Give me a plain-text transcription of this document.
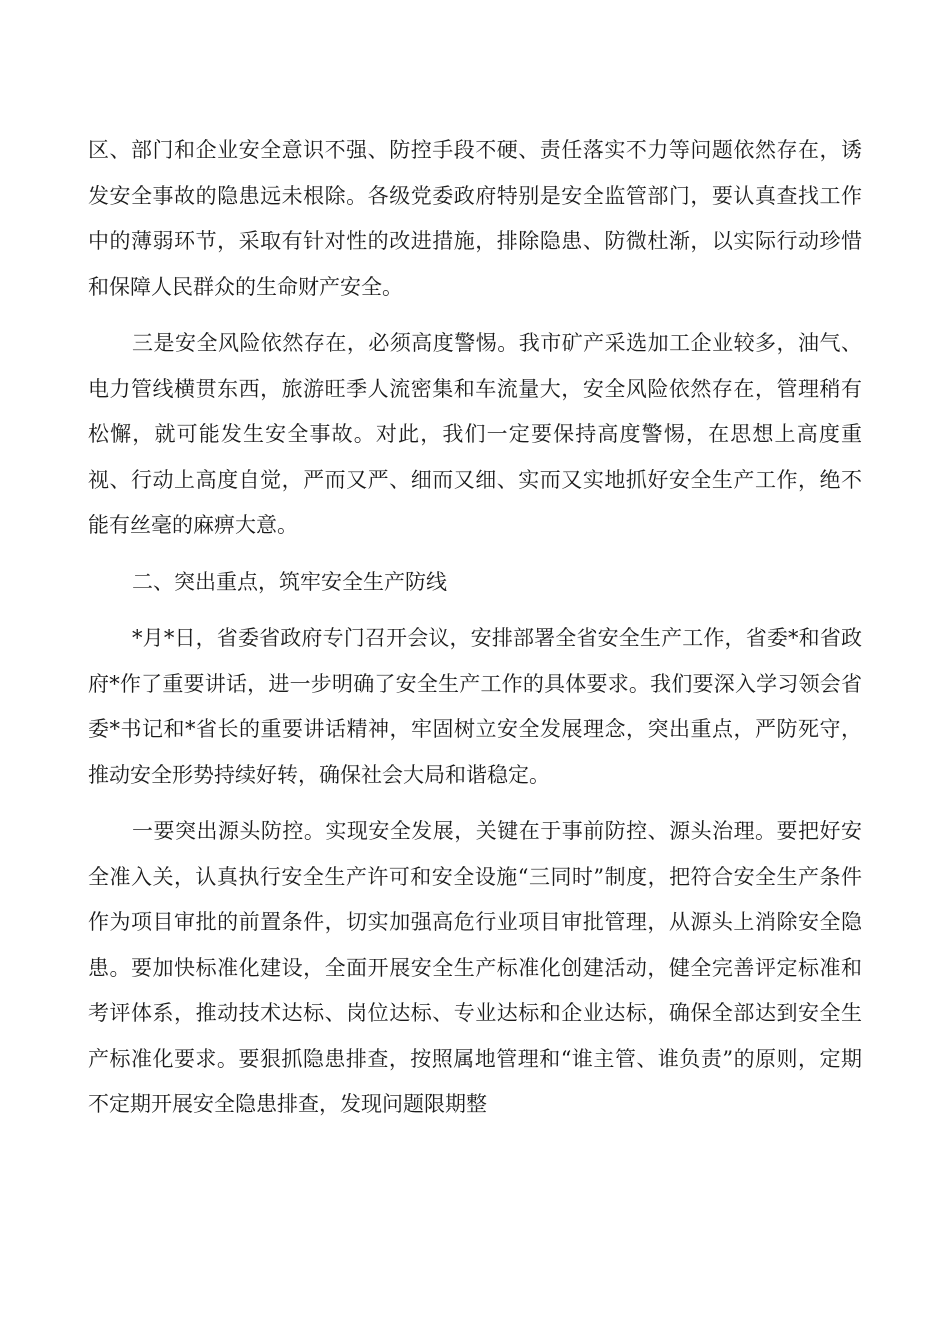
区、部门和企业安全意识不强、防控手段不硬、责任落实不力等问题依然存在，诱发安全事故的隐患远未根除。各级党委政府特别是安全监管部门，要认真查找工作中的薄弱环节，采取有针对性的改进措施，排除隐患、防微杜渐，以实际行动珍惜和保障人民群众的生命财产安全。

三是安全风险依然存在，必须高度警惕。我市矿产采选加工企业较多，油气、电力管线横贯东西，旅游旺季人流密集和车流量大，安全风险依然存在，管理稍有松懈，就可能发生安全事故。对此，我们一定要保持高度警惕，在思想上高度重视、行动上高度自觉，严而又严、细而又细、实而又实地抓好安全生产工作，绝不能有丝毫的麻痹大意。

二、突出重点，筑牢安全生产防线

*月*日，省委省政府专门召开会议，安排部署全省安全生产工作，省委*和省政府*作了重要讲话，进一步明确了安全生产工作的具体要求。我们要深入学习领会省委*书记和*省长的重要讲话精神，牢固树立安全发展理念，突出重点，严防死守，推动安全形势持续好转，确保社会大局和谐稳定。

一要突出源头防控。实现安全发展，关键在于事前防控、源头治理。要把好安全准入关，认真执行安全生产许可和安全设施“三同时”制度，把符合安全生产条件作为项目审批的前置条件，切实加强高危行业项目审批管理，从源头上消除安全隐患。要加快标准化建设，全面开展安全生产标准化创建活动，健全完善评定标准和考评体系，推动技术达标、岗位达标、专业达标和企业达标，确保全部达到安全生产标准化要求。要狠抓隐患排查，按照属地管理和“谁主管、谁负责”的原则，定期不定期开展安全隐患排查，发现问题限期整
